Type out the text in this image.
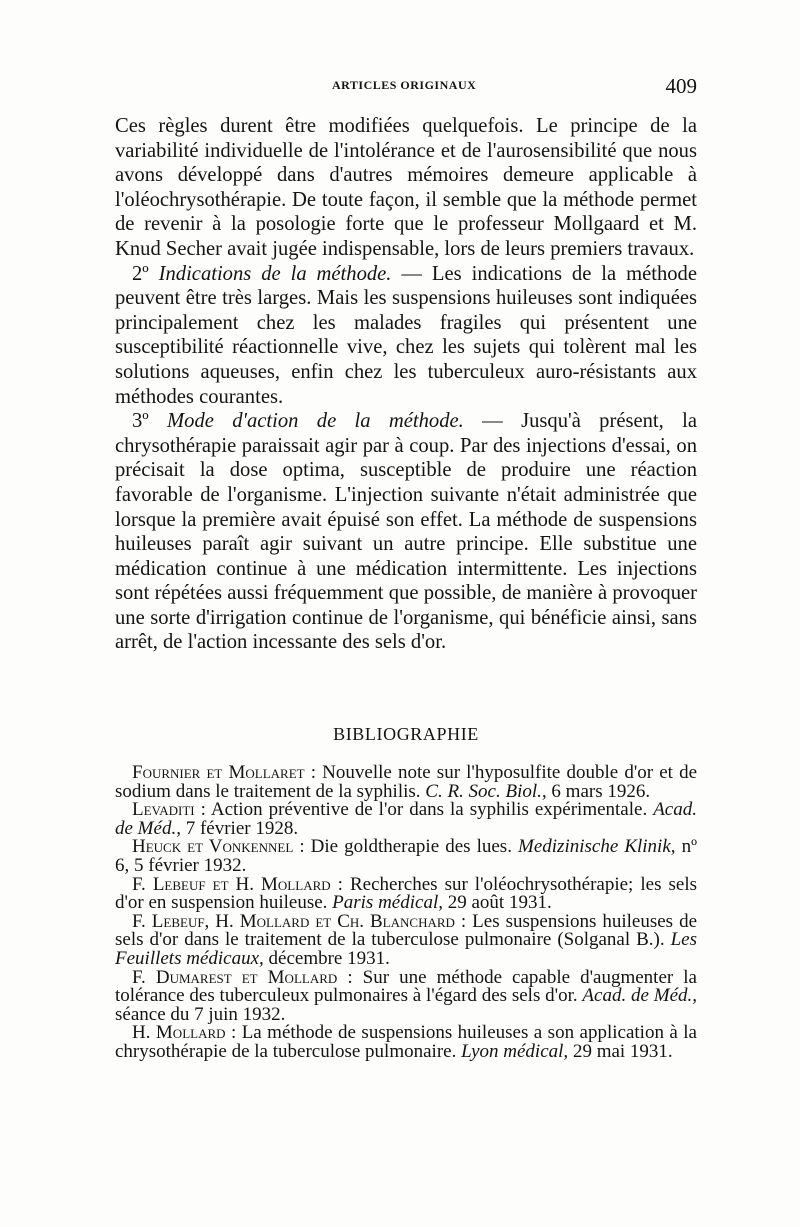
ARTICLES ORIGINAUX	409

Ces règles durent être modifiées quelquefois. Le principe de la variabilité individuelle de l'intolérance et de l'aurosensibilité que nous avons développé dans d'autres mémoires demeure applicable à l'oléochrysothérapie. De toute façon, il semble que la méthode permet de revenir à la posologie forte que le professeur Mollgaard et M. Knud Secher avait jugée indispensable, lors de leurs premiers travaux.

2º Indications de la méthode. — Les indications de la méthode peuvent être très larges. Mais les suspensions huileuses sont indiquées principalement chez les malades fragiles qui présentent une susceptibilité réactionnelle vive, chez les sujets qui tolèrent mal les solutions aqueuses, enfin chez les tuberculeux auro-résistants aux méthodes courantes.

3º Mode d'action de la méthode. — Jusqu'à présent, la chrysothérapie paraissait agir par à coup. Par des injections d'essai, on précisait la dose optima, susceptible de produire une réaction favorable de l'organisme. L'injection suivante n'était administrée que lorsque la première avait épuisé son effet. La méthode de suspensions huileuses paraît agir suivant un autre principe. Elle substitue une médication continue à une médication intermittente. Les injections sont répétées aussi fréquemment que possible, de manière à provoquer une sorte d'irrigation continue de l'organisme, qui bénéficie ainsi, sans arrêt, de l'action incessante des sels d'or.

BIBLIOGRAPHIE

Fournier et Mollaret : Nouvelle note sur l'hyposulfite double d'or et de sodium dans le traitement de la syphilis. C. R. Soc. Biol., 6 mars 1926.

Levaditi : Action préventive de l'or dans la syphilis expérimentale. Acad. de Méd., 7 février 1928.

Heuck et Vonkennel : Die goldtherapie des lues. Medizinische Klinik, nº 6, 5 février 1932.

F. Lebeuf et H. Mollard : Recherches sur l'oléochrysothérapie; les sels d'or en suspension huileuse. Paris médical, 29 août 1931.

F. Lebeuf, H. Mollard et Ch. Blanchard : Les suspensions huileuses de sels d'or dans le traitement de la tuberculose pulmonaire (Solganal B.). Les Feuillets médicaux, décembre 1931.

F. Dumarest et Mollard : Sur une méthode capable d'augmenter la tolérance des tuberculeux pulmonaires à l'égard des sels d'or. Acad. de Méd., séance du 7 juin 1932.

H. Mollard : La méthode de suspensions huileuses a son application à la chrysothérapie de la tuberculose pulmonaire. Lyon médical, 29 mai 1931.
